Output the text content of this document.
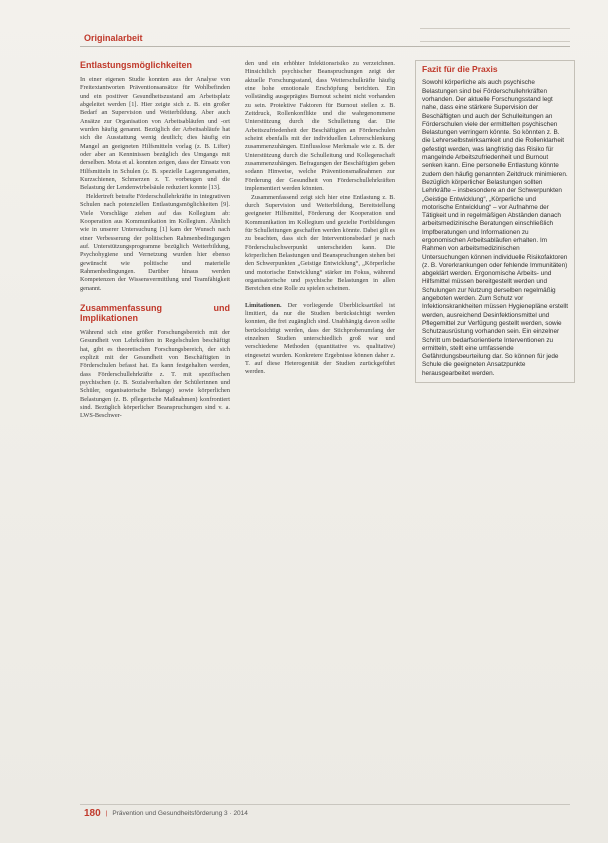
Originalarbeit
Entlastungsmöglichkeiten

In einer eigenen Studie konnten aus der Analyse von Freitextantworten Präventionsansätze für Wohlbefinden und ein positiver Gesundheitszustand am Arbeitsplatz abgeleitet werden [1]. Hier zeigte sich z. B. ein großer Bedarf an Supervision und Weiterbildung. Aber auch Ansätze zur Organisation von Arbeitsabläufen und -ort wurden häufig genannt. Bezüglich der Arbeitsabläufe hat sich die Ausstattung wenig deutlich; dies häufig ein Mangel an geeigneten Hilfsmitteln vorlag (z. B. Lifter) oder aber an Kenntnissen bezüglich des Umgangs mit derselben. Mota et al. konnten zeigen, dass der Einsatz von Hilfsmitteln in Schulen (z. B. spezielle Lagerungsmatten, Kurzschienen, Schmerzen z. T. vorbeugen und die Belastung der Lendenwirbelsäule reduziert konnte [13].

Heldertreft betrafte Förderschullehrkräfte in integrativen Schulen nach potenziellen Entlastungsmöglichkeiten [9]. Viele Vorschläge ziehen auf das Kollegium ab: Kooperation aus Kommunikation im Kollegium. Ähnlich wie in unserer Untersuchung [1] kam der Wunsch nach einer Verbesserung der politischen Rahmenbedingungen auf. Unterstützungsprogramme bezüglich Weiterbildung, Psychohygiene und Vernetzung wurden hier ebenso gewünscht wie politische und materielle Rahmenbedingungen. Darüber hinaus werden Kompetenzen der Wissensvermittlung und Teamfähigkeit genannt.

Zusammenfassung und Implikationen

Während sich eine größer Forschungsbereich mit der Gesundheit von Lehrkräften in Regelschulen beschäftigt hat, gibt es theoretischen Forschungsbereich, der sich explizit mit der Gesundheit von Beschäftigten in Förderschulen befasst hat. Es kann festgehalten werden, dass Förderschullehrkräfte z. T. mit spezifischen psychischen (z. B. Sozialverhalten der Schülerinnen und Schüler, organisatorische Belange) sowie körperlichen Belastungen (z. B. pflegerische Maßnahmen) konfrontiert sind. Bezüglich körperlicher Beanspruchungen sind v. a. LWS-Beschwer-

den und ein erhöhter Infektionsrisiko zu verzeichnen. Hinsichtlich psychischer Beanspruchungen zeigt der aktuelle Forschungsstand, dass Weiterschulkräfte häufig eine hohe emotionale Erschöpfung berichten. Ein vollständig ausgeprägtes Burnout scheint nicht vorhanden zu sein. Protektive Faktoren für Burnout stellen z. B. Zeitdruck, Rollenkonflikte und die wahrgenommene Unterstützung durch die Schulleitung dar. Die Arbeitszufriedenheit der Beschäftigten an Förderschulen scheint ebenfalls mit der individuellen Lehrerschlenkung zusammenzuhängen. Einflusslose Merkmale wie z. B. der Unterstützung durch die Schulleitung und Kollegenschaft zusammenzuhängen. Befragungen der Beschäftigten geben sodann Hinweise, welche Präventionsmaßnahmen zur Förderung der Gesundheit von Förderschullehrkräften implementiert werden könnten.

Zusammenfassend zeigt sich hier eine Entlastung z. B. durch Supervision und Weiterbildung, Bereitstellung geeigneter Hilfsmittel, Förderung der Kooperation und Kommunikation im Kollegium und gezielte Fortbildungen für Schulleitungen geschaffen werden könnte. Dabei gilt es zu beachten, dass sich der Interventionsbedarf je nach Förderschulschwerpunkt unterscheiden kann. Die körperlichen Belastungen und Beanspruchungen stehen bei den Schwerpunkten „Geistige Entwicklung“, „Körperliche und motorische Entwicklung“ stärker im Fokus, während organisatorische und psychische Belastungen in allen Bereichen eine Rolle zu spielen scheinen.

Limitationen. Der vorliegende Überblicksartikel ist limitiert, da nur die Studien berücksichtigt werden konnten, die frei zugänglich sind. Unabhängig davon sollte berücksichtigt werden, dass der Stichprobenumfang der einzelnen Studien unterschiedlich groß war und verschiedene Methoden (quantitative vs. qualitative) eingesetzt wurden. Konkretere Ergebnisse können daher z. T. auf diese Heterogenität der Studien zurückgeführt werden.

Fazit für die Praxis
Sowohl körperliche als auch psychische Belastungen sind bei Förderschullehrkräften vorhanden. Der aktuelle Forschungsstand legt nahe, dass eine stärkere Supervision der Beschäftigten und auch der Schulleitungen an Förderschulen viele der ermittelten psychischen Belastungen verringern könnte. So könnten z. B. die Lehrerselbstwirksamkeit und die Rollenklarheit gefestigt werden, was langfristig das Risiko für mangelnde Arbeitszufriedenheit und Burnout senken kann. Eine personelle Entlastung könnte zudem den häufig genannten Zeitdruck minimieren. Bezüglich körperlicher Belastungen sollten Lehrkräfte – insbesondere an der Schwerpunkten „Geistige Entwicklung“, „Körperliche und motorische Entwicklung“ – vor Aufnahme der Tätigkeit und in regelmäßigen Abständen danach arbeitsmedizinische Beratungen einschließlich Impfberatungen und Informationen zu ergonomischen Arbeitsabläufen erhalten. Im Rahmen von arbeitsmedizinischen Untersuchungen können individuelle Risikofaktoren (z. B. Vorerkrankungen oder fehlende Immunitäten) abgeklärt werden. Ergonomische Arbeits- und Hilfsmittel müssen bereitgestellt werden und Schulungen zur Nutzung derselben regelmäßig angeboten werden. Zum Schutz vor Infektionskrankheiten müssen Hygienepläne erstellt werden, ausreichend Desinfektionsmittel und Pflegemittel zur Verfügung gestellt werden, sowie Schutzausrüstung vorhanden sein. Ein einzelner Schritt um bedarfsorientierte Interventionen zu ermitteln, stellt eine umfassende Gefährdungsbeurteilung dar. So können für jede Schule die geeigneten Ansatzpunkte herausgearbeitet werden.
180 | Prävention und Gesundheitsförderung 3 · 2014
